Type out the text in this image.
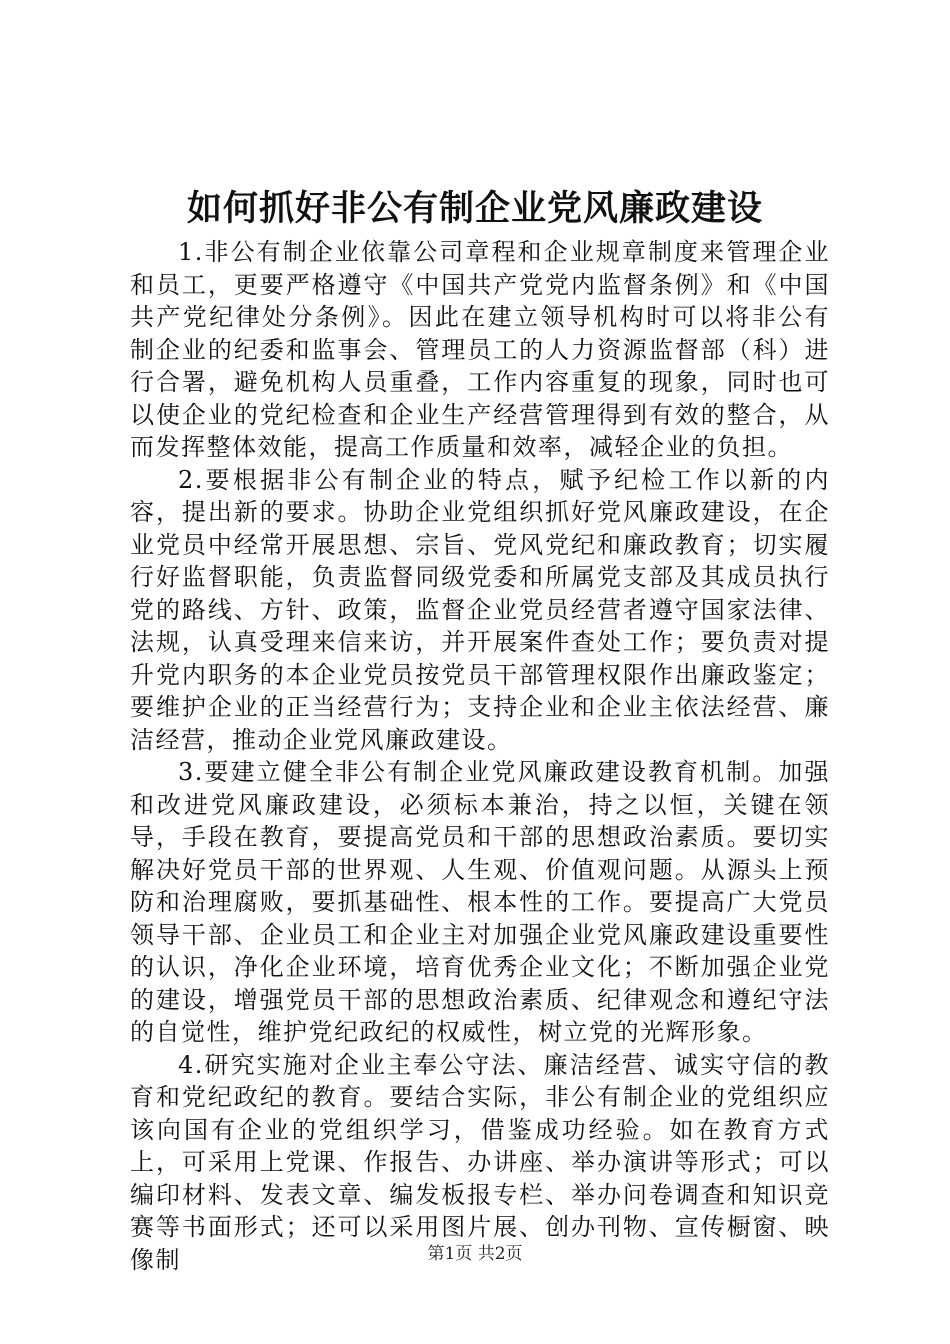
如何抓好非公有制企业党风廉政建设

1.非公有制企业依靠公司章程和企业规章制度来管理企业和员工，更要严格遵守《中国共产党党内监督条例》和《中国共产党纪律处分条例》。因此在建立领导机构时可以将非公有制企业的纪委和监事会、管理员工的人力资源监督部（科）进行合署，避免机构人员重叠，工作内容重复的现象，同时也可以使企业的党纪检查和企业生产经营管理得到有效的整合，从而发挥整体效能，提高工作质量和效率，减轻企业的负担。

2.要根据非公有制企业的特点，赋予纪检工作以新的内容，提出新的要求。协助企业党组织抓好党风廉政建设，在企业党员中经常开展思想、宗旨、党风党纪和廉政教育；切实履行好监督职能，负责监督同级党委和所属党支部及其成员执行党的路线、方针、政策，监督企业党员经营者遵守国家法律、法规，认真受理来信来访，并开展案件查处工作；要负责对提升党内职务的本企业党员按党员干部管理权限作出廉政鉴定；要维护企业的正当经营行为；支持企业和企业主依法经营、廉洁经营，推动企业党风廉政建设。

3.要建立健全非公有制企业党风廉政建设教育机制。加强和改进党风廉政建设，必须标本兼治，持之以恒，关键在领导，手段在教育，要提高党员和干部的思想政治素质。要切实解决好党员干部的世界观、人生观、价值观问题。从源头上预防和治理腐败，要抓基础性、根本性的工作。要提高广大党员领导干部、企业员工和企业主对加强企业党风廉政建设重要性的认识，净化企业环境，培育优秀企业文化；不断加强企业党的建设，增强党员干部的思想政治素质、纪律观念和遵纪守法的自觉性，维护党纪政纪的权威性，树立党的光辉形象。

4.研究实施对企业主奉公守法、廉洁经营、诚实守信的教育和党纪政纪的教育。要结合实际，非公有制企业的党组织应该向国有企业的党组织学习，借鉴成功经验。如在教育方式上，可采用上党课、作报告、办讲座、举办演讲等形式；可以编印材料、发表文章、编发板报专栏、举办问卷调查和知识竞赛等书面形式；还可以采用图片展、创办刊物、宣传橱窗、映像制	第1页 共2页
